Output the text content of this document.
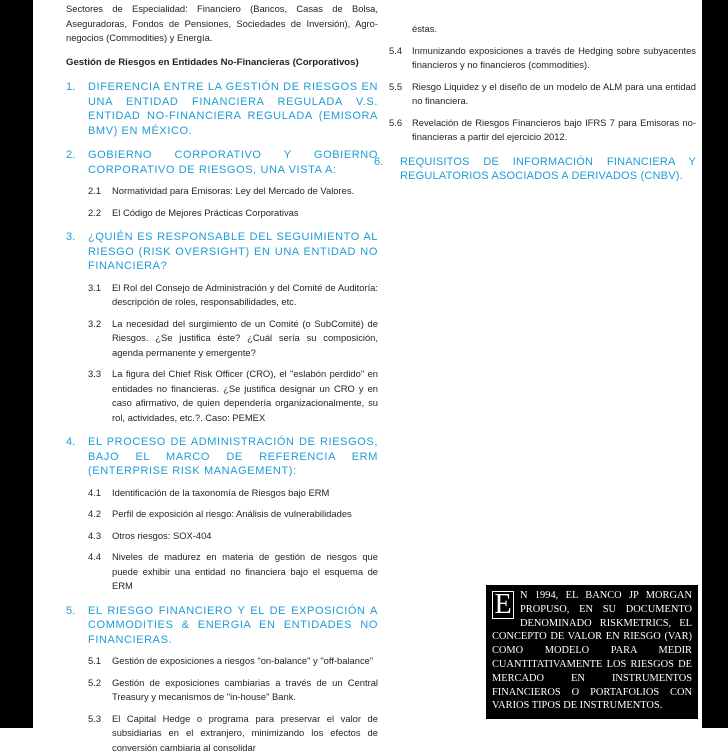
Sectores de Especialidad: Financiero (Bancos, Casas de Bolsa, Aseguradoras, Fondos de Pensiones, Sociedades de Inversión), Agro-negocios (Commodities) y Energía.

Gestión de Riesgos en Entidades No-Financieras (Corporativos)

1. DIFERENCIA ENTRE LA GESTIÓN DE RIESGOS EN UNA ENTIDAD FINANCIERA REGULADA V.S. ENTIDAD NO-FINANCIERA REGULADA (EMISORA BMV) EN MÉXICO.
2. GOBIERNO CORPORATIVO Y GOBIERNO CORPORATIVO DE RIESGOS, UNA VISTA A:
2.1 Normatividad para Emisoras: Ley del Mercado de Valores.
2.2 El Código de Mejores Prácticas Corporativas
3. ¿QUIÉN ES RESPONSABLE DEL SEGUIMIENTO AL RIESGO (RISK OVERSIGHT) EN UNA ENTIDAD NO FINANCIERA?
3.1 El Rol del Consejo de Administración y del Comité de Auditoría: descripción de roles, responsabilidades, etc.
3.2 La necesidad del surgimiento de un Comité (o SubComité) de Riesgos. ¿Se justifica éste? ¿Cuál sería su composición, agenda permanente y emergente?
3.3 La figura del Chief Risk Officer (CRO), el "eslabón perdido" en entidades no financieras. ¿Se justifica designar un CRO y en caso afirmativo, de quien dependería organizacionalmente, su rol, actividades, etc.?. Caso: PEMEX
4. EL PROCESO DE ADMINISTRACIÓN DE RIESGOS, BAJO EL MARCO DE REFERENCIA ERM (ENTERPRISE RISK MANAGEMENT):
4.1 Identificación de la taxonomía de Riesgos bajo ERM
4.2 Perfil de exposición al riesgo: Análisis de vulnerabilidades
4.3 Otros riesgos: SOX-404
4.4 Niveles de madurez en materia de gestión de riesgos que puede exhibir una entidad no financiera bajo el esquema de ERM
5. EL RIESGO FINANCIERO Y EL DE EXPOSICIÓN A COMMODITIES & ENERGIA EN ENTIDADES NO FINANCIERAS.
5.1 Gestión de exposiciones a riesgos "on-balance" y "off-balance"
5.2 Gestión de exposiciones cambiarias a través de un Central Treasury y mecanismos de "in-house" Bank.
5.3 El Capital Hedge o programa para preservar el valor de subsidiarias en el extranjero, minimizando los efectos de conversión cambiaria al consolidar
éstas.
5.4 Inmunizando exposiciones a través de Hedging sobre subyacentes financieros y no financieros (commodities).
5.5 Riesgo Liquidez y el diseño de un modelo de ALM para una entidad no financiera.
5.6 Revelación de Riesgos Financieros bajo IFRS 7 para Emisoras no-financieras a partir del ejercicio 2012.
6. REQUISITOS DE INFORMACIÓN FINANCIERA Y REGULATORIOS ASOCIADOS A DERIVADOS (CNBV).
E N 1994, EL BANCO JP MORGAN PROPUSO, EN SU DOCUMENTO DENOMINADO RISKMETRICS, EL CONCEPTO DE VALOR EN RIESGO (VAR) COMO MODELO PARA MEDIR CUANTITATIVAMENTE LOS RIESGOS DE MERCADO EN INSTRUMENTOS FINANCIEROS O PORTAFOLIOS CON VARIOS TIPOS DE INSTRUMENTOS.
